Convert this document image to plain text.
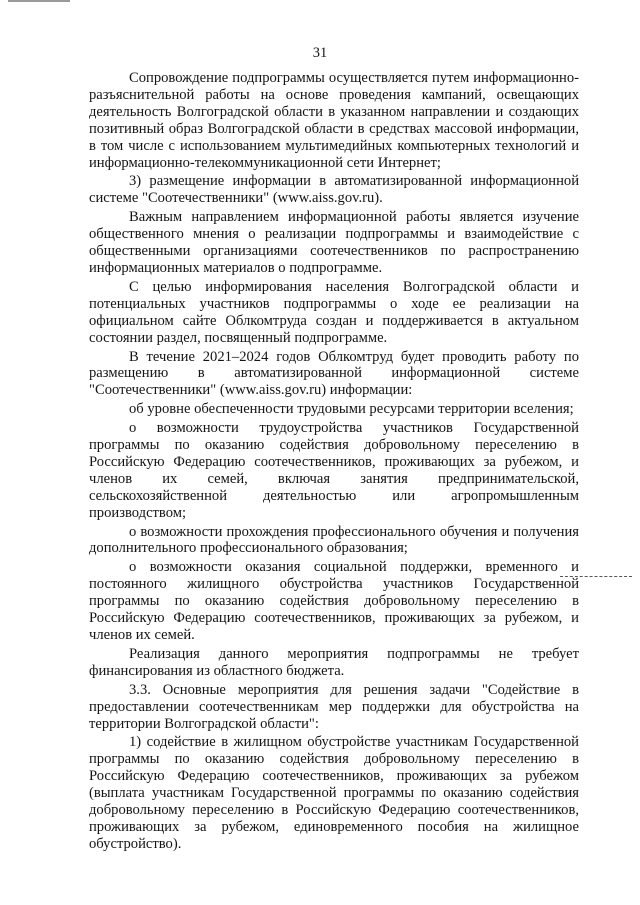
31

Сопровождение подпрограммы осуществляется путем информационно-разъяснительной работы на основе проведения кампаний, освещающих деятельность Волгоградской области в указанном направлении и создающих позитивный образ Волгоградской области в средствах массовой информации, в том числе с использованием мультимедийных компьютерных технологий и информационно-телекоммуникационной сети Интернет;

3) размещение информации в автоматизированной информационной системе "Соотечественники" (www.aiss.gov.ru).

Важным направлением информационной работы является изучение общественного мнения о реализации подпрограммы и взаимодействие с общественными организациями соотечественников по распространению информационных материалов о подпрограмме.

С целью информирования населения Волгоградской области и потенциальных участников подпрограммы о ходе ее реализации на официальном сайте Облкомтруда создан и поддерживается в актуальном состоянии раздел, посвященный подпрограмме.

В течение 2021–2024 годов Облкомтруд будет проводить работу по размещению в автоматизированной информационной системе "Соотечественники" (www.aiss.gov.ru) информации:

об уровне обеспеченности трудовыми ресурсами территории вселения;

о возможности трудоустройства участников Государственной программы по оказанию содействия добровольному переселению в Российскую Федерацию соотечественников, проживающих за рубежом, и членов их семей, включая занятия предпринимательской, сельскохозяйственной деятельностью или агропромышленным производством;

о возможности прохождения профессионального обучения и получения дополнительного профессионального образования;

о возможности оказания социальной поддержки, временного и постоянного жилищного обустройства участников Государственной программы по оказанию содействия добровольному переселению в Российскую Федерацию соотечественников, проживающих за рубежом, и членов их семей.

Реализация данного мероприятия подпрограммы не требует финансирования из областного бюджета.

3.3. Основные мероприятия для решения задачи "Содействие в предоставлении соотечественникам мер поддержки для обустройства на территории Волгоградской области":

1) содействие в жилищном обустройстве участникам Государственной программы по оказанию содействия добровольному переселению в Российскую Федерацию соотечественников, проживающих за рубежом (выплата участникам Государственной программы по оказанию содействия добровольному переселению в Российскую Федерацию соотечественников, проживающих за рубежом, единовременного пособия на жилищное обустройство).
